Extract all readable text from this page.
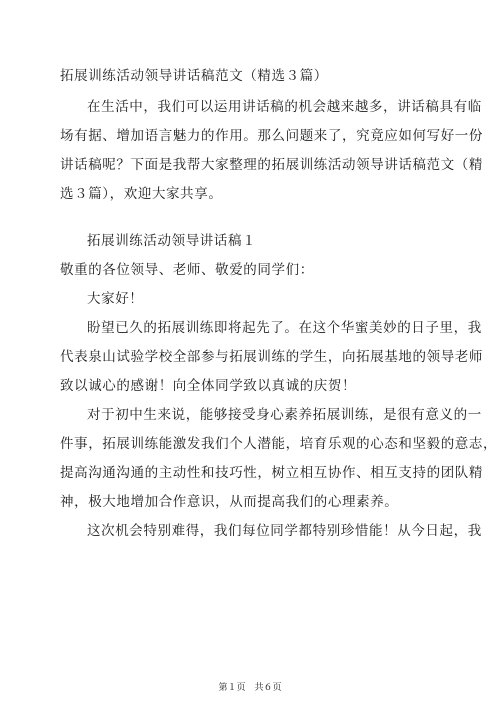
拓展训练活动领导讲话稿范文（精选３篇）
在生活中，我们可以运用讲话稿的机会越来越多，讲话稿具有临
场有据、增加语言魅力的作用。那么问题来了，究竟应如何写好一份
讲话稿呢？下面是我帮大家整理的拓展训练活动领导讲话稿范文（精
选３篇），欢迎大家共享。
拓展训练活动领导讲话稿１
敬重的各位领导、老师、敬爱的同学们：
大家好！
盼望已久的拓展训练即将起先了。在这个华蜜美妙的日子里，我
代表泉山试验学校全部参与拓展训练的学生，向拓展基地的领导老师
致以诚心的感谢！向全体同学致以真诚的庆贺！
对于初中生来说，能够接受身心素养拓展训练，是很有意义的一
件事，拓展训练能激发我们个人潜能，培育乐观的心态和坚毅的意志，
提高沟通沟通的主动性和技巧性，树立相互协作、相互支持的团队精
神，极大地增加合作意识，从而提高我们的心理素养。
这次机会特别难得，我们每位同学都特别珍惜能！从今日起，我
第１页　共６页
